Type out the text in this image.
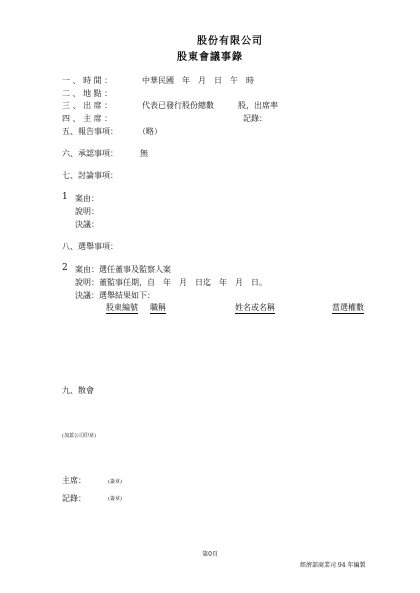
股份有限公司
股東會議事錄
一 、 時 間 ：	中華民國　年　月　日　午　時
二 、 地 點 ：
三 、 出 席 ：	代表已發行股份總數　　　股，出席率
四 、 主 席 ：	記錄：
五、報告事項：	（略）
六、承認事項：	無
七、討論事項：
1 案由：
說明：
決議：
八、選舉事項：
2 案由：選任董事及監察人案
說明：董監事任期，自　年　月　日迄　年　月　日。
決議：選舉結果如下：
股東編號 職稱	姓名或名稱	當選權數
九、散會
(加蓋公司印章)
主席：	(簽章)
記錄：	(簽章)
第0頁
經濟部商業司 94 年編製
